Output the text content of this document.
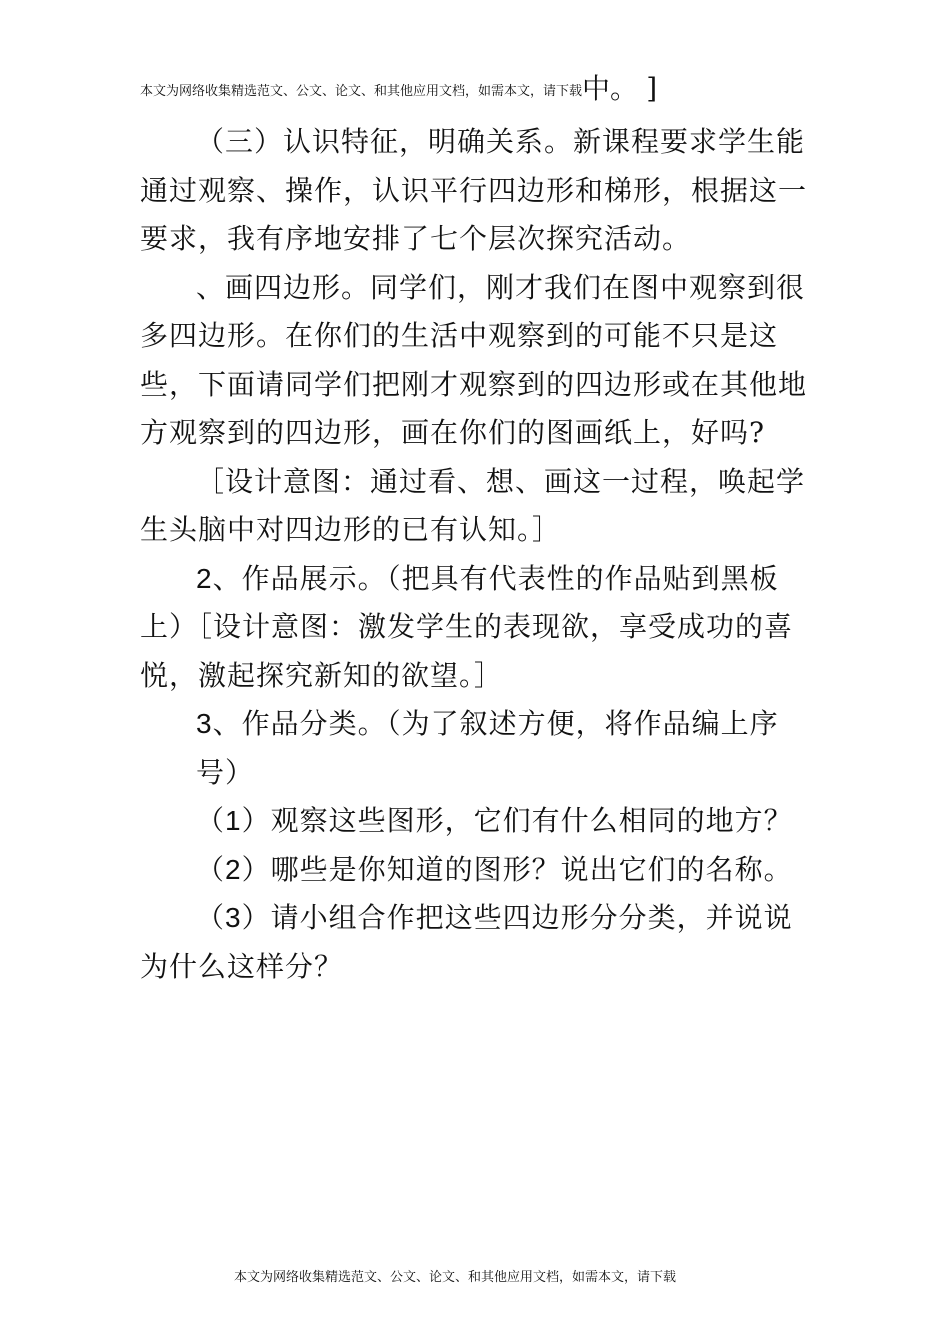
本文为网络收集精选范文、公文、论文、和其他应用文档，如需本文，请下载中。 ]

（三）认识特征，明确关系。新课程要求学生能通过观察、操作，认识平行四边形和梯形，根据这一要求，我有序地安排了七个层次探究活动。

、画四边形。同学们，刚才我们在图中观察到很多四边形。在你们的生活中观察到的可能不只是这些，下面请同学们把刚才观察到的四边形或在其他地方观察到的四边形，画在你们的图画纸上，好吗?

［设计意图：通过看、想、画这一过程，唤起学生头脑中对四边形的已有认知。］

2、作品展示。（把具有代表性的作品贴到黑板上）［设计意图：激发学生的表现欲，享受成功的喜悦，激起探究新知的欲望。］

3、作品分类。（为了叙述方便，将作品编上序号）

（1）观察这些图形，它们有什么相同的地方？

（2）哪些是你知道的图形？说出它们的名称。

（3）请小组合作把这些四边形分分类，并说说为什么这样分？

本文为网络收集精选范文、公文、论文、和其他应用文档，如需本文，请下载
